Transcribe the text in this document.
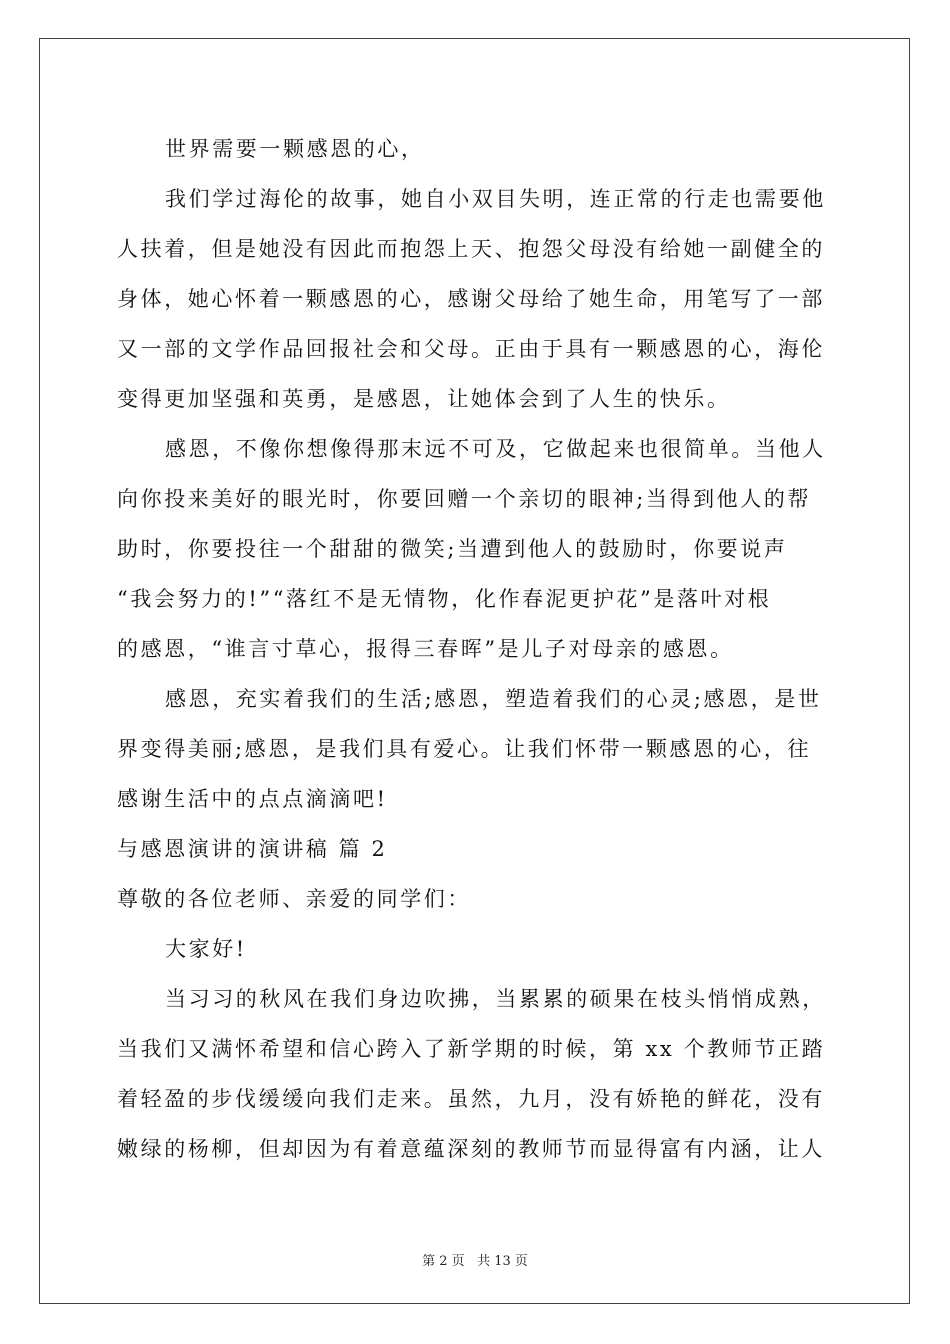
世界需要一颗感恩的心，

我们学过海伦的故事，她自小双目失明，连正常的行走也需要他
人扶着，但是她没有因此而抱怨上天、抱怨父母没有给她一副健全的
身体，她心怀着一颗感恩的心，感谢父母给了她生命，用笔写了一部
又一部的文学作品回报社会和父母。正由于具有一颗感恩的心，海伦
变得更加坚强和英勇，是感恩，让她体会到了人生的快乐。

感恩，不像你想像得那末远不可及，它做起来也很简单。当他人
向你投来美好的眼光时，你要回赠一个亲切的眼神;当得到他人的帮
助时，你要投往一个甜甜的微笑;当遭到他人的鼓励时，你要说声
“我会努力的!”“落红不是无情物，化作春泥更护花”是落叶对根
的感恩，“谁言寸草心，报得三春晖”是儿子对母亲的感恩。

感恩，充实着我们的生活;感恩，塑造着我们的心灵;感恩，是世
界变得美丽;感恩，是我们具有爱心。让我们怀带一颗感恩的心，往
感谢生活中的点点滴滴吧!

与感恩演讲的演讲稿 篇 2

尊敬的各位老师、亲爱的同学们：

大家好!

当习习的秋风在我们身边吹拂，当累累的硕果在枝头悄悄成熟，
当我们又满怀希望和信心跨入了新学期的时候，第 xx 个教师节正踏
着轻盈的步伐缓缓向我们走来。虽然，九月，没有娇艳的鲜花，没有
嫩绿的杨柳，但却因为有着意蕴深刻的教师节而显得富有内涵，让人

第 2 页 共 13 页
